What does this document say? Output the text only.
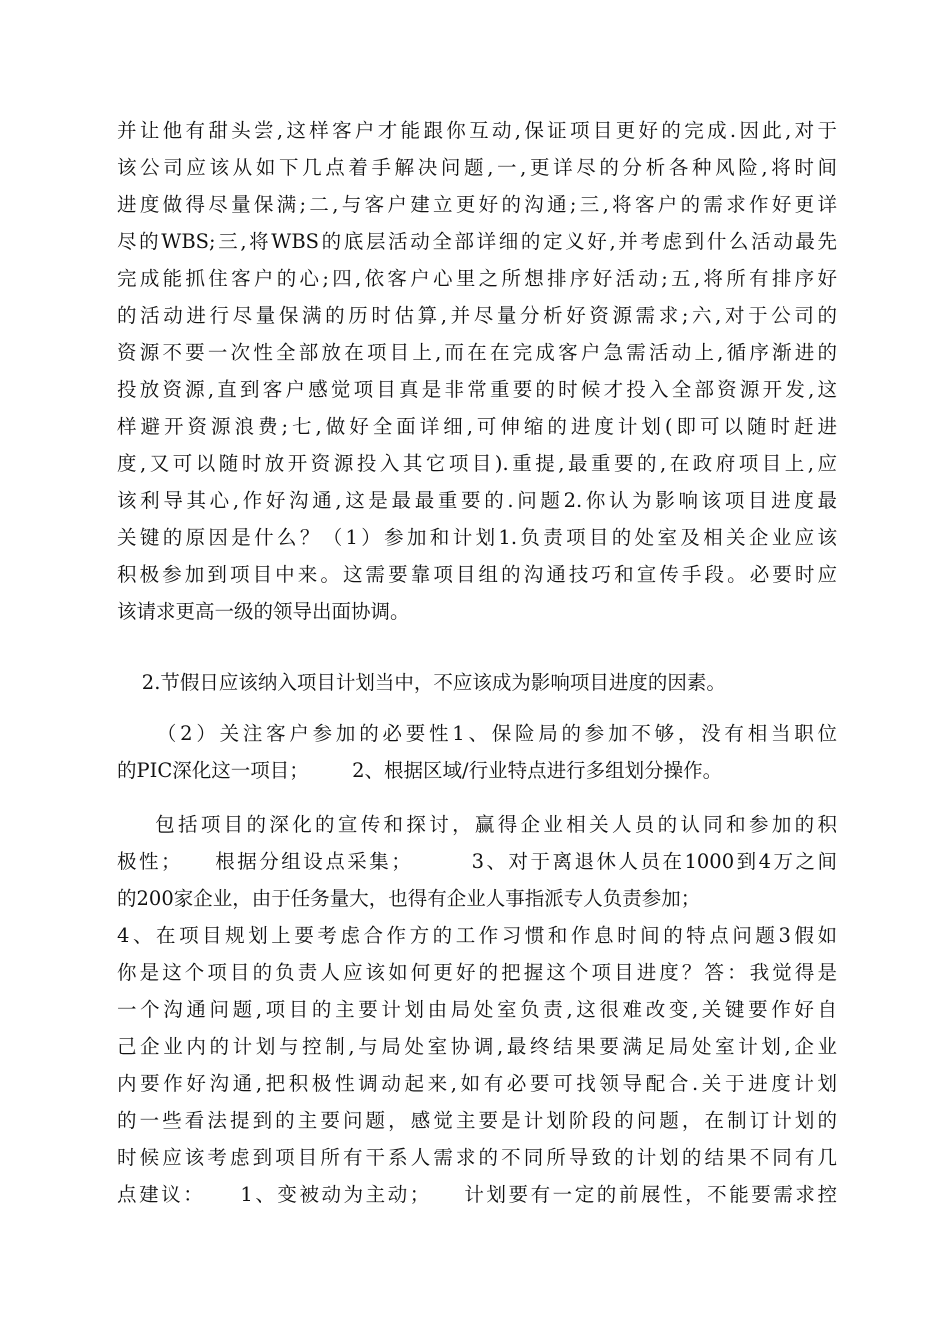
并让他有甜头尝,这样客户才能跟你互动,保证项目更好的完成.因此,对于
该公司应该从如下几点着手解决问题,一,更详尽的分析各种风险,将时间
进度做得尽量保满;二,与客户建立更好的沟通;三,将客户的需求作好更详
尽的WBS;三,将WBS的底层活动全部详细的定义好,并考虑到什么活动最先
完成能抓住客户的心;四,依客户心里之所想排序好活动;五,将所有排序好
的活动进行尽量保满的历时估算,并尽量分析好资源需求;六,对于公司的
资源不要一次性全部放在项目上,而在在完成客户急需活动上,循序渐进的
投放资源,直到客户感觉项目真是非常重要的时候才投入全部资源开发,这
样避开资源浪费;七,做好全面详细,可伸缩的进度计划(即可以随时赶进
度,又可以随时放开资源投入其它项目).重提,最重要的,在政府项目上,应
该利导其心,作好沟通,这是最最重要的.问题2.你认为影响该项目进度最
关键的原因是什么？（1）参加和计划1.负责项目的处室及相关企业应该
积极参加到项目中来。这需要靠项目组的沟通技巧和宣传手段。必要时应
该请求更高一级的领导出面协调。
2.节假日应该纳入项目计划当中，不应该成为影响项目进度的因素。
（2）关注客户参加的必要性1、保险局的参加不够，没有相当职位
的PIC深化这一项目；       2、根据区域/行业特点进行多组划分操作。
包括项目的深化的宣传和探讨，赢得企业相关人员的认同和参加的积
极性；    根据分组设点采集；       3、对于离退休人员在1000到4万之间
的200家企业，由于任务量大，也得有企业人事指派专人负责参加；
4、在项目规划上要考虑合作方的工作习惯和作息时间的特点问题3假如
你是这个项目的负责人应该如何更好的把握这个项目进度？答：我觉得是
一个沟通问题,项目的主要计划由局处室负责,这很难改变,关键要作好自
己企业内的计划与控制,与局处室协调,最终结果要满足局处室计划,企业
内要作好沟通,把积极性调动起来,如有必要可找领导配合.关于进度计划
的一些看法提到的主要问题，感觉主要是计划阶段的问题，在制订计划的
时候应该考虑到项目所有干系人需求的不同所导致的计划的结果不同有几
点建议：    1、变被动为主动；    计划要有一定的前展性，不能要需求控
